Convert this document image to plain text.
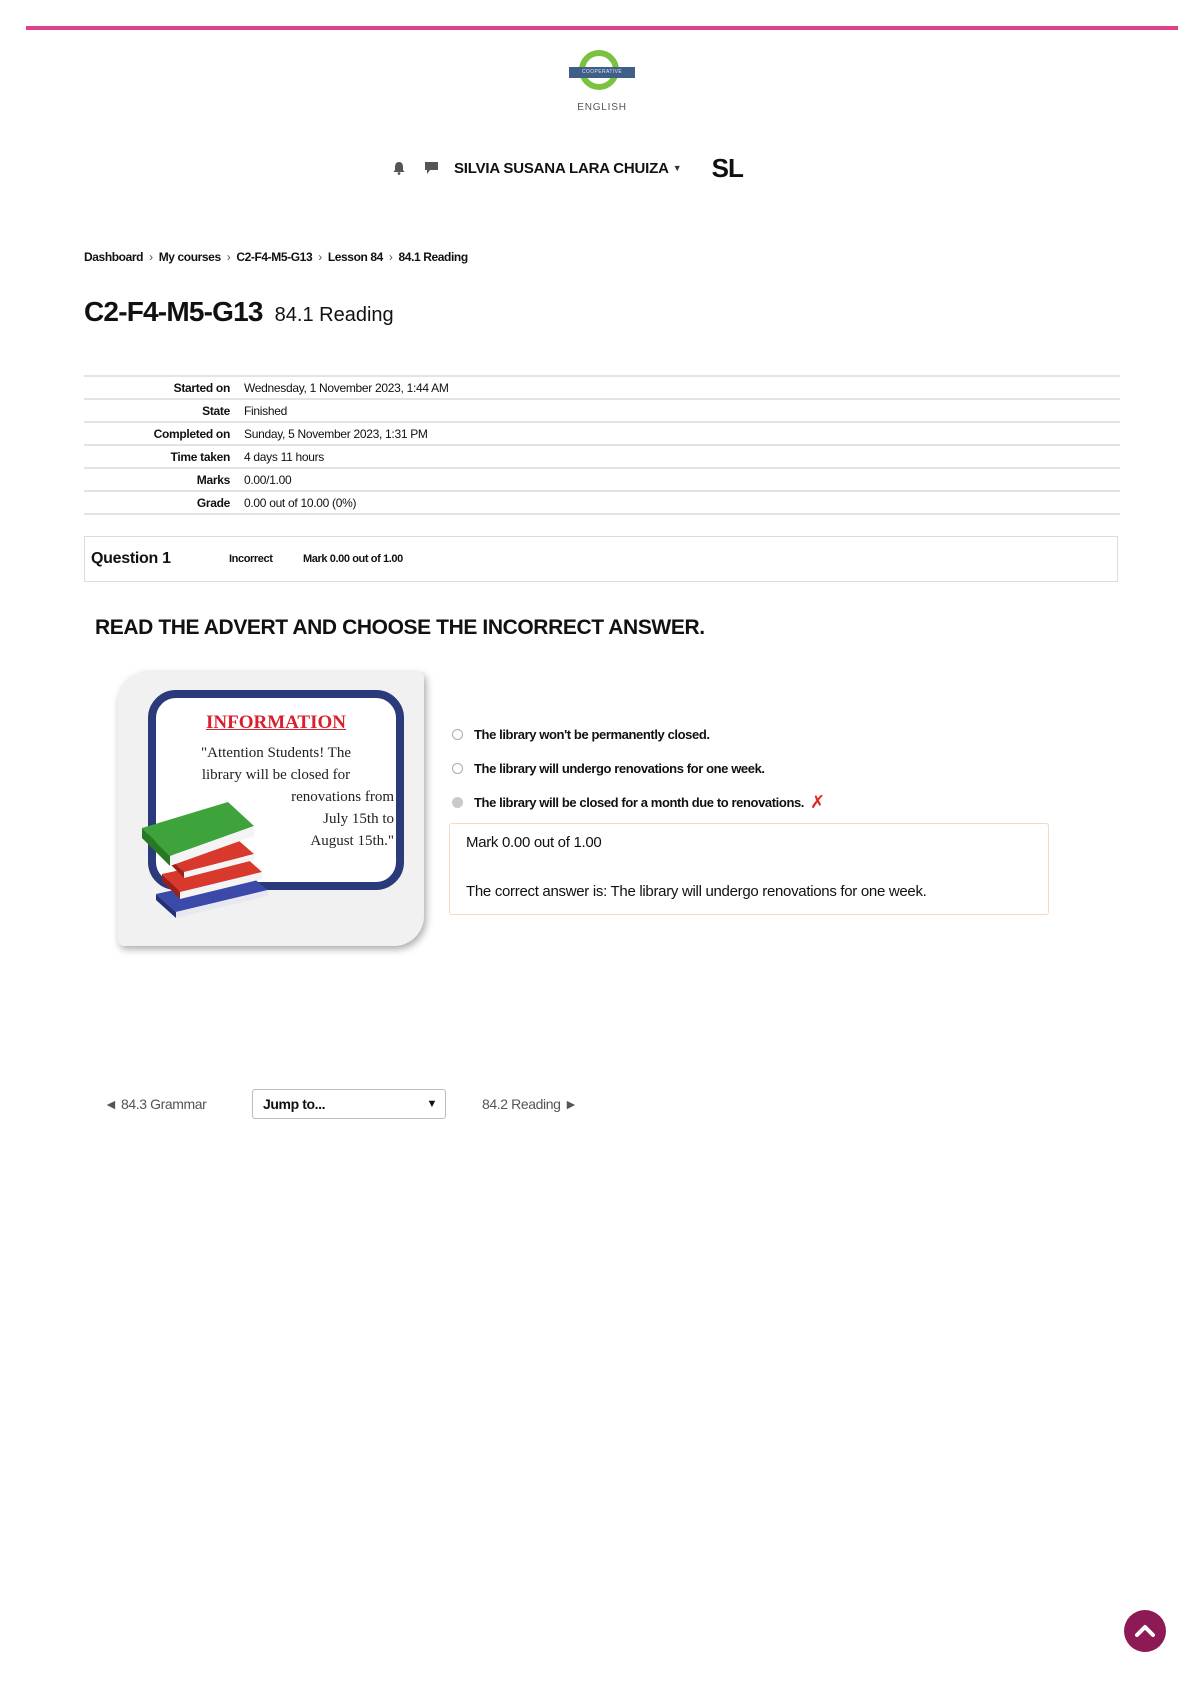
COOPERATIVE
ENGLISH
SILVIA SUSANA LARA CHUIZA ▼ SL
Dashboard › My courses › C2-F4-M5-G13 › Lesson 84 › 84.1 Reading
C2-F4-M5-G13 84.1 Reading
Started on	Wednesday, 1 November 2023, 1:44 AM
State	Finished
Completed on	Sunday, 5 November 2023, 1:31 PM
Time taken	4 days 11 hours
Marks	0.00/1.00
Grade	0.00 out of 10.00 (0%)
Question 1	Incorrect	Mark 0.00 out of 1.00
READ THE ADVERT AND CHOOSE THE INCORRECT ANSWER.
INFORMATION
"Attention Students! The
library will be closed for
renovations from
July 15th to
August 15th."
The library won't be permanently closed.
The library will undergo renovations for one week.
The library will be closed for a month due to renovations. ✗
Mark 0.00 out of 1.00
The correct answer is: The library will undergo renovations for one week.
◄ 84.3 Grammar	Jump to...	▼	84.2 Reading ►
